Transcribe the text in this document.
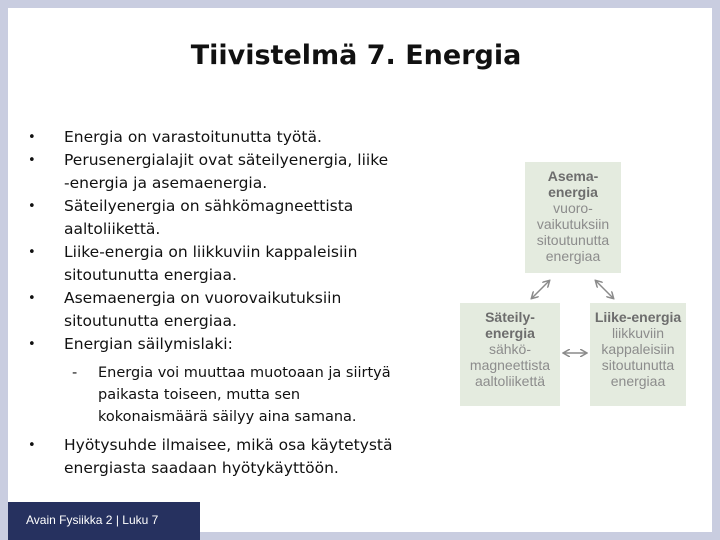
Tiivistelmä 7. Energia
• Energia on varastoitunutta työtä.
• Perusenergialajit ovat säteilyenergia, liike
-energia ja asemaenergia.
• Säteilyenergia on sähkömagneettista
aaltoliikettä.
• Liike-energia on liikkuviin kappaleisiin
sitoutunutta energiaa.
• Asemaenergia on vuorovaikutuksiin
sitoutunutta energiaa.
• Energian säilymislaki:
- Energia voi muuttaa muotoaan ja siirtyä
paikasta toiseen, mutta sen
kokonaismäärä säilyy aina samana.
• Hyötysuhde ilmaisee, mikä osa käytetystä
energiasta saadaan hyötykäyttöön.
Asema-
energia
vuoro-
vaikutuksiin
sitoutunutta
energiaa
Säteily-
energia
sähkö-
magneettista
aaltoliikettä
Liike-energia
liikkuviin
kappaleisiin
sitoutunutta
energiaa
Avain Fysiikka 2 | Luku 7
